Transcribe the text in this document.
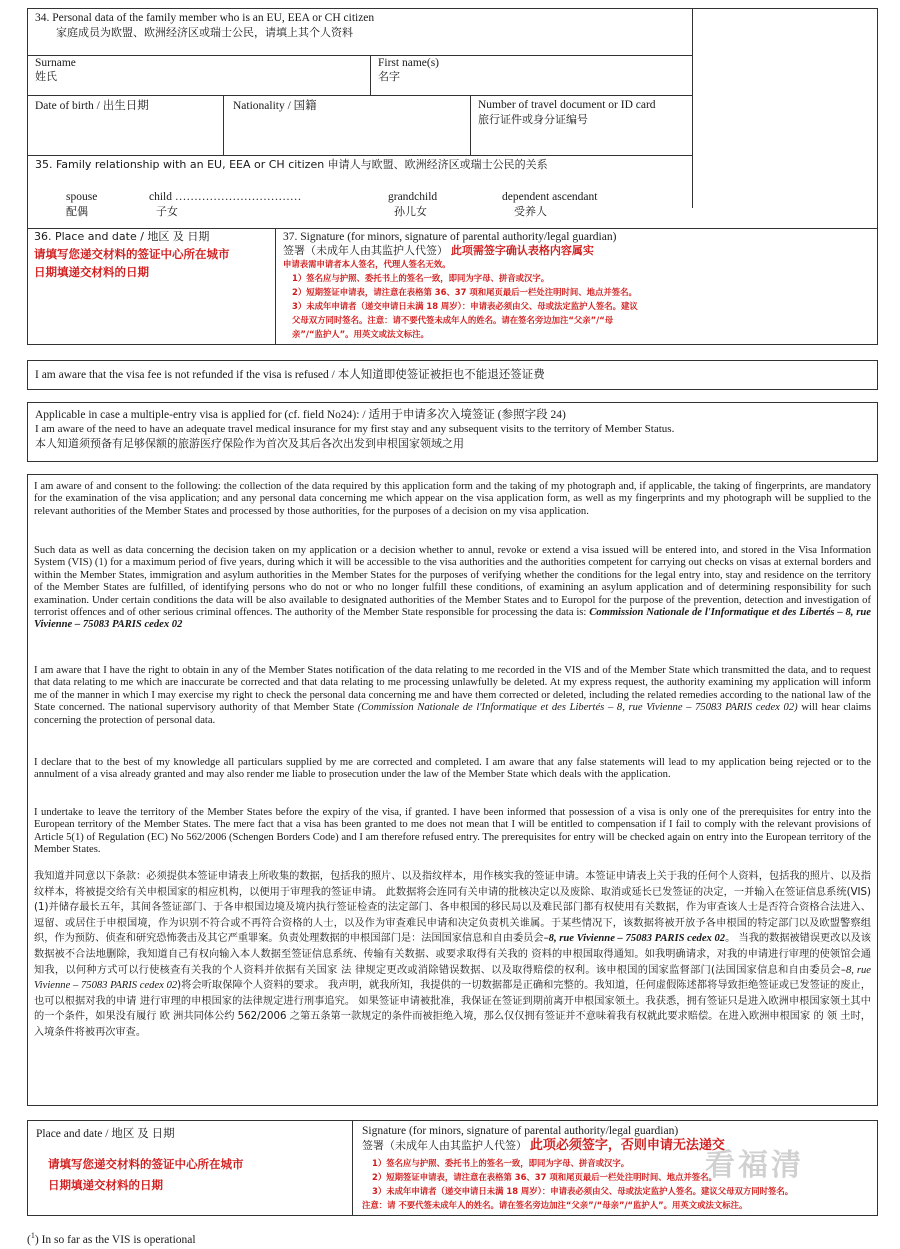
34. Personal data of the family member who is an EU, EEA or CH citizen
家庭成员为欧盟、欧洲经济区或瑞士公民，请填上其个人资料
Surname
姓氏
First name(s)
名字
Date of birth / 出生日期	Nationality / 国籍	Number of travel document or ID card
旅行证件或身分证编号
35. Family relationship with an EU, EEA or CH citizen 申请人与欧盟、欧洲经济区或瑞士公民的关系
spouse
配偶
child ……………………………
子女
grandchild
孙儿女
dependent ascendant
受养人
36. Place and date / 地区 及 日期
请填写您递交材料的签证中心所在城市
日期填递交材料的日期
37. Signature (for minors, signature of parental authority/legal guardian)
签署（未成年人由其监护人代签） 此项需签字确认表格内容属实
申请表需申请者本人签名，代理人签名无效。
1）签名应与护照、委托书上的签名一致，即同为字母、拼音或汉字。
2）短期签证申请表，请注意在表格第 36、37 项和尾页最后一栏处注明时间、地点并签名。
3）未成年申请者（递交申请日未满 18 周岁）：申请表必须由父、母或法定监护人签名。建议
父母双方同时签名。注意：请不要代签未成年人的姓名。请在签名旁边加注“父亲”/“母
亲”/“监护人”。用英文或法文标注。
I am aware that the visa fee is not refunded if the visa is refused / 本人知道即使签证被拒也不能退还签证费
Applicable in case a multiple-entry visa is applied for (cf. field No24): / 适用于申请多次入境签证 (参照字段 24)
I am aware of the need to have an adequate travel medical insurance for my first stay and any subsequent visits to the territory of Member Status.
本人知道须预备有足够保额的旅游医疗保险作为首次及其后各次出发到申根国家领域之用
I am aware of and consent to the following: the collection of the data required by this application form and the taking of my photograph and, if applicable, the taking of fingerprints, are mandatory for the examination of the visa application; and any personal data concerning me which appear on the visa application form, as well as my fingerprints and my photograph will be supplied to the relevant authorities of the Member States and processed by those authorities, for the purposes of a decision on my visa application.
Such data as well as data concerning the decision taken on my application or a decision whether to annul, revoke or extend a visa issued will be entered into, and stored in the Visa Information System (VIS) (1) for a maximum period of five years, during which it will be accessible to the visa authorities and the authorities competent for carrying out checks on visas at external borders and within the Member States, immigration and asylum authorities in the Member States for the purposes of verifying whether the conditions for the legal entry into, stay and residence on the territory of the Member States are fulfilled, of identifying persons who do not or who no longer fulfill these conditions, of examining an asylum application and of determining responsibility for such examination. Under certain conditions the data will be also available to designated authorities of the Member States and to Europol for the purpose of the prevention, detection and investigation of terrorist offences and of other serious criminal offences. The authority of the Member State responsible for processing the data is: Commission Nationale de l'Informatique et des Libertés – 8, rue Vivienne – 75083 PARIS cedex 02
I am aware that I have the right to obtain in any of the Member States notification of the data relating to me recorded in the VIS and of the Member State which transmitted the data, and to request that data relating to me which are inaccurate be corrected and that data relating to me processing unlawfully be deleted. At my express request, the authority examining my application will inform me of the manner in which I may exercise my right to check the personal data concerning me and have them corrected or deleted, including the related remedies according to the national law of the State concerned. The national supervisory authority of that Member State (Commission Nationale de l'Informatique et des Libertés – 8, rue Vivienne – 75083 PARIS cedex 02) will hear claims concerning the protection of personal data.
I declare that to the best of my knowledge all particulars supplied by me are corrected and completed. I am aware that any false statements will lead to my application being rejected or to the annulment of a visa already granted and may also render me liable to prosecution under the law of the Member State which deals with the application.
I undertake to leave the territory of the Member States before the expiry of the visa, if granted. I have been informed that possession of a visa is only one of the prerequisites for entry into the European territory of the Member States. The mere fact that a visa has been granted to me does not mean that I will be entitled to compensation if I fail to comply with the relevant provisions of Article 5(1) of Regulation (EC) No 562/2006 (Schengen Borders Code) and I am therefore refused entry. The prerequisites for entry will be checked again on entry into the European territory of the Member States.
我知道并同意以下条款：必须提供本签证申请表上所收集的数据，包括我的照片、以及指纹样本，用作核实我的签证申请。本签证申请表上关于我的任何个人资料，包括我的照片、以及指纹样本，将被提交给有关申根国家的相应机构，以便用于审理我的签证申请。 此数据将会连同有关申请的批核决定以及废除、取消或延长已发签证的决定，一并输入在签证信息系统(VIS)(1)并储存最长五年，其间各签证部门、于各申根国边境及境内执行签证检查的法定部门、各申根国的移民局以及难民部门都有权使用有关数据，作为审查该人士是否符合资格合法进入、逗留、或居住于申根国境，作为识别不符合或不再符合资格的人士，以及作为审查难民申请和决定负责机关谁属。于某些情况下，该数据将被开放予各申根国的特定部门以及欧盟警察组织，作为预防、侦查和研究恐怖袭击及其它严重罪案。负责处理数据的申根国部门是：法国国家信息和自由委员会–8, rue Vivienne – 75083 PARIS cedex 02。 当我的数据被错误更改以及该数据被不合法地删除，我知道自己有权向输入本人数据至签证信息系统、传输有关数据、或要求取得有关我的 资料的申根国取得通知。如我明确请求，对我的申请进行审理的使领馆会通知我，以何种方式可以行使核查有关我的个人资料并依据有关国家 法 律规定更改或消除错误数据、以及取得赔偿的权利。该申根国的国家监督部门(法国国家信息和自由委员会–8, rue Vivienne – 75083 PARIS cedex 02)将会听取保障个人资料的要求。 我声明，就我所知，我提供的一切数据都是正确和完整的。我知道，任何虚假陈述都将导致拒绝签证或已发签证的废止，也可以根据对我的申请 进行审理的申根国家的法律规定进行刑事追究。 如果签证申请被批准，我保证在签证到期前离开申根国家领土。我获悉，拥有签证只是进入欧洲申根国家领土其中的一个条件，如果没有履行 欧 洲共同体公约 562/2006 之第五条第一款规定的条件而被拒绝入境，那么仅仅拥有签证并不意味着我有权就此要求赔偿。在进入欧洲申根国家 的 领 土时，入境条件将被再次审查。
Place and date / 地区 及 日期
请填写您递交材料的签证中心所在城市
日期填递交材料的日期
Signature (for minors, signature of parental authority/legal guardian)
签署（未成年人由其监护人代签） 此项必须签字，否则申请无法递交
1）签名应与护照、委托书上的签名一致，即同为字母、拼音或汉字。
2）短期签证申请表，请注意在表格第 36、37 项和尾页最后一栏处注明时间、地点并签名。
3）未成年申请者（递交申请日未满 18 周岁）：申请表必须由父、母或法定监护人签名。建议父母双方同时签名。
注意：请 不要代签未成年人的姓名。请在签名旁边加注“父亲”/“母亲”/“监护人”。用英文或法文标注。
看福清
($^1$) In so far as the VIS is operational
